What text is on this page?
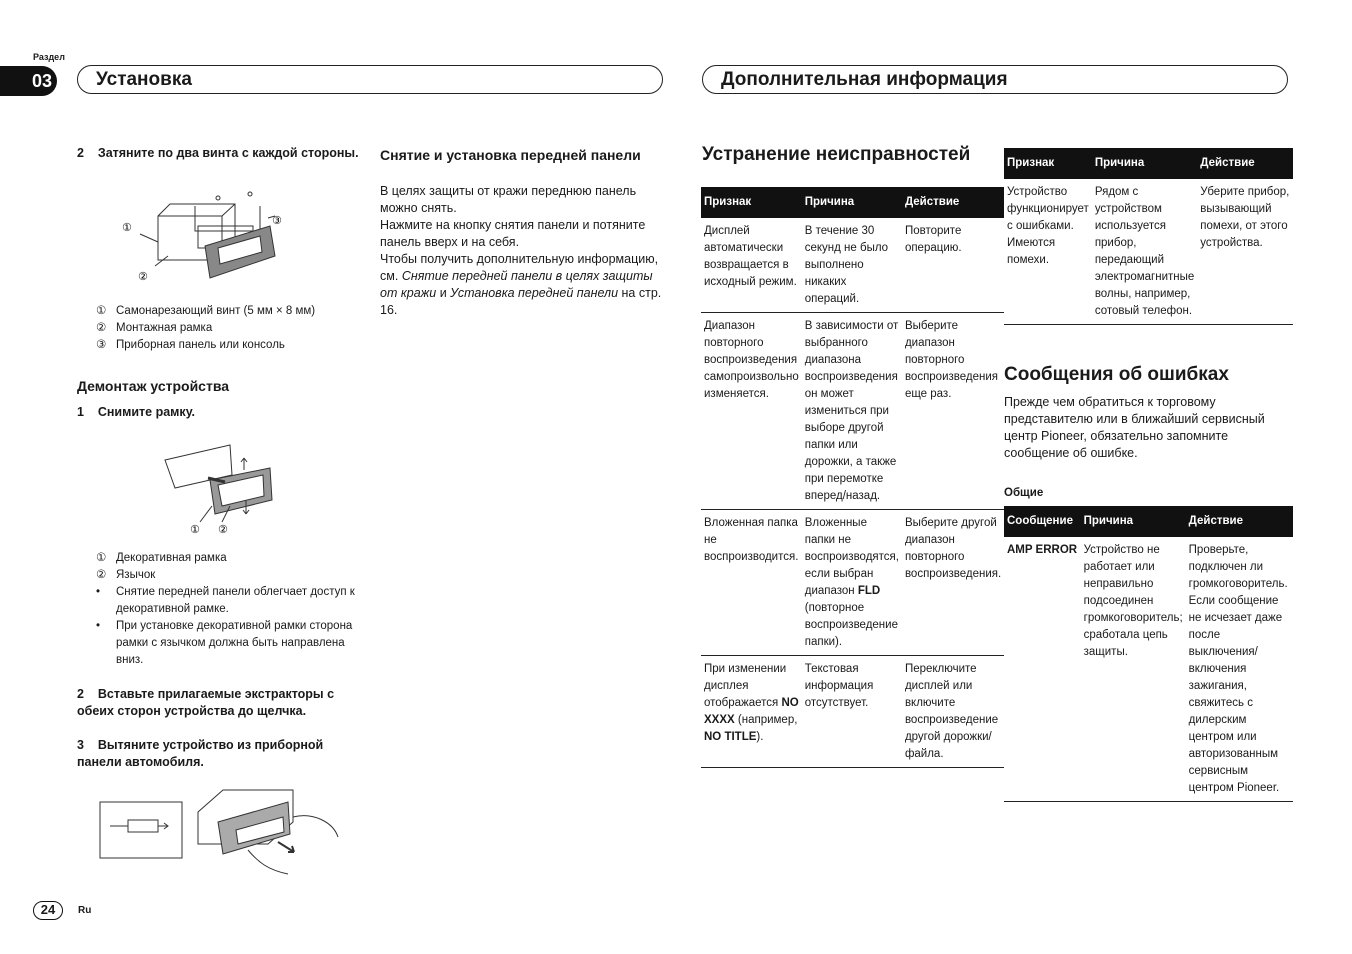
Раздел
03	Установка	Дополнительная информация
2 Затяните по два винта с каждой стороны.
①
②
③
① Самонарезающий винт (5 мм × 8 мм)
② Монтажная рамка
③ Приборная панель или консоль
Демонтаж устройства
1 Снимите рамку.
① ②
① Декоративная рамка
② Язычок
• Снятие передней панели облегчает доступ к декоративной рамке.
• При установке декоративной рамки сторона рамки с язычком должна быть направлена вниз.
2 Вставьте прилагаемые экстракторы с обеих сторон устройства до щелчка.
3 Вытяните устройство из приборной панели автомобиля.
Снятие и установка передней панели
В целях защиты от кражи переднюю панель можно снять.
Нажмите на кнопку снятия панели и потяните панель вверх и на себя.
Чтобы получить дополнительную информацию, см. Снятие передней панели в целях защиты от кражи и Установка передней панели на стр. 16.
Устранение неисправностей
Признак	Причина	Действие
Дисплей автоматически возвращается в исходный режим.	В течение 30 секунд не было выполнено никаких операций.	Повторите операцию.
Диапазон повторного воспроизведения самопроизвольно изменяется.	В зависимости от выбранного диапазона воспроизведения он может измениться при выборе другой папки или дорожки, а также при перемотке вперед/назад.	Выберите диапазон повторного воспроизведения еще раз.
Вложенная папка не воспроизводится.	Вложенные папки не воспроизводятся, если выбран диапазон FLD (повторное воспроизведение папки).	Выберите другой диапазон повторного воспроизведения.
При изменении дисплея отображается NO XXXX (например, NO TITLE).	Текстовая информация отсутствует.	Переключите дисплей или включите воспроизведение другой дорожки/файла.
Признак	Причина	Действие
Устройство функционирует с ошибками. Имеются помехи.	Рядом с устройством используется прибор, передающий электромагнитные волны, например, сотовый телефон.	Уберите прибор, вызывающий помехи, от этого устройства.
Сообщения об ошибках
Прежде чем обратиться к торговому представителю или в ближайший сервисный центр Pioneer, обязательно запомните сообщение об ошибке.
Общие
Сообщение	Причина	Действие
AMP ERROR	Устройство не работает или неправильно подсоединен громкоговоритель; сработала цепь защиты.	Проверьте, подключен ли громкоговоритель. Если сообщение не исчезает даже после выключения/включения зажигания, свяжитесь с дилерским центром или авторизованным сервисным центром Pioneer.
24	Ru
